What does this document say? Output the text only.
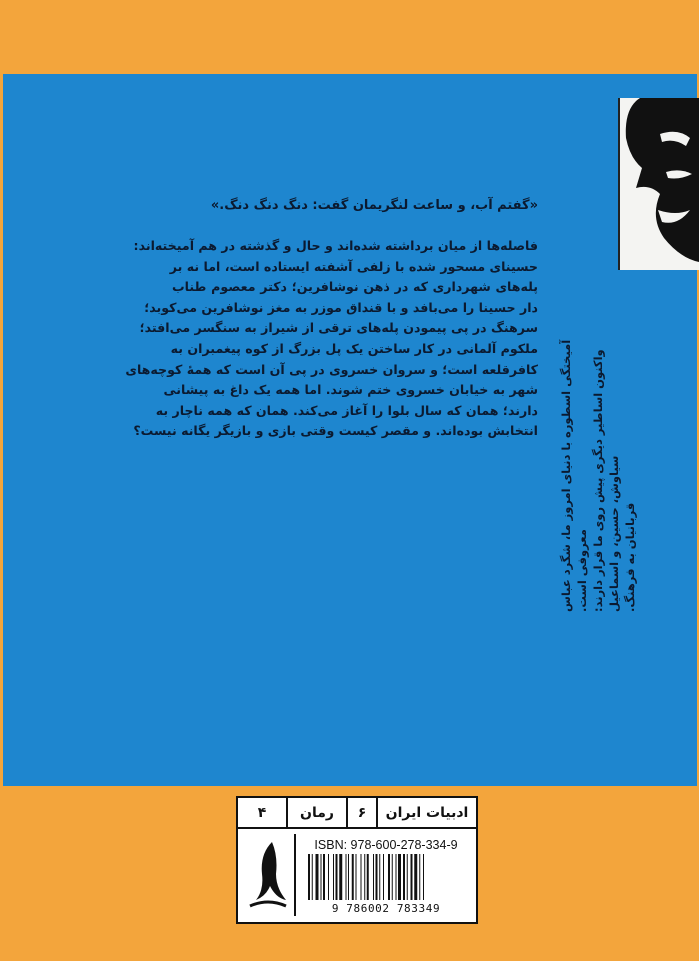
«گفتم آب، و ساعت لنگریمان گفت: دنگ دنگ دنگ.»
فاصله‌ها از میان برداشته شده‌اند و حال و گذشته در هم آمیخته‌اند:
حسینای مسحور شده با زلفی آشفته ایستاده است، اما نه بر
پله‌های شهرداری که در ذهن نوشافرین؛ دکتر معصوم طناب
دار حسینا را می‌بافد و با قنداق موزر به مغز نوشافرین می‌کوبد؛
سرهنگ در پی پیمودن پله‌های ترقی از شیراز به سنگسر می‌افتد؛
ملکوم آلمانی در کار ساختن یک پل بزرگ از کوه پیغمبران به
کافرقلعه است؛ و سروان خسروی در پی آن است که همهٔ کوچه‌های
شهر به خیابان خسروی ختم شوند. اما همه یک داغ به پیشانی
دارند؛ همان که سال بلوا را آغاز می‌کند. همان که همه ناچار به
انتخابش بوده‌اند. و مقصر کیست وقتی بازی و بازیگر یگانه نیست؟ آمیختگی اسطوره با دنیای امروز ما، شگرد عباس معروفی است. واکنون اساطیر دیگری پیش روی ما قرار دارند: سیاوش، حسین، و اسماعیل قربانیان به فرهنگ.
ادبیات ایران
۶
رمان
۴
ISBN: 978-600-278-334-9
9 786002 783349
